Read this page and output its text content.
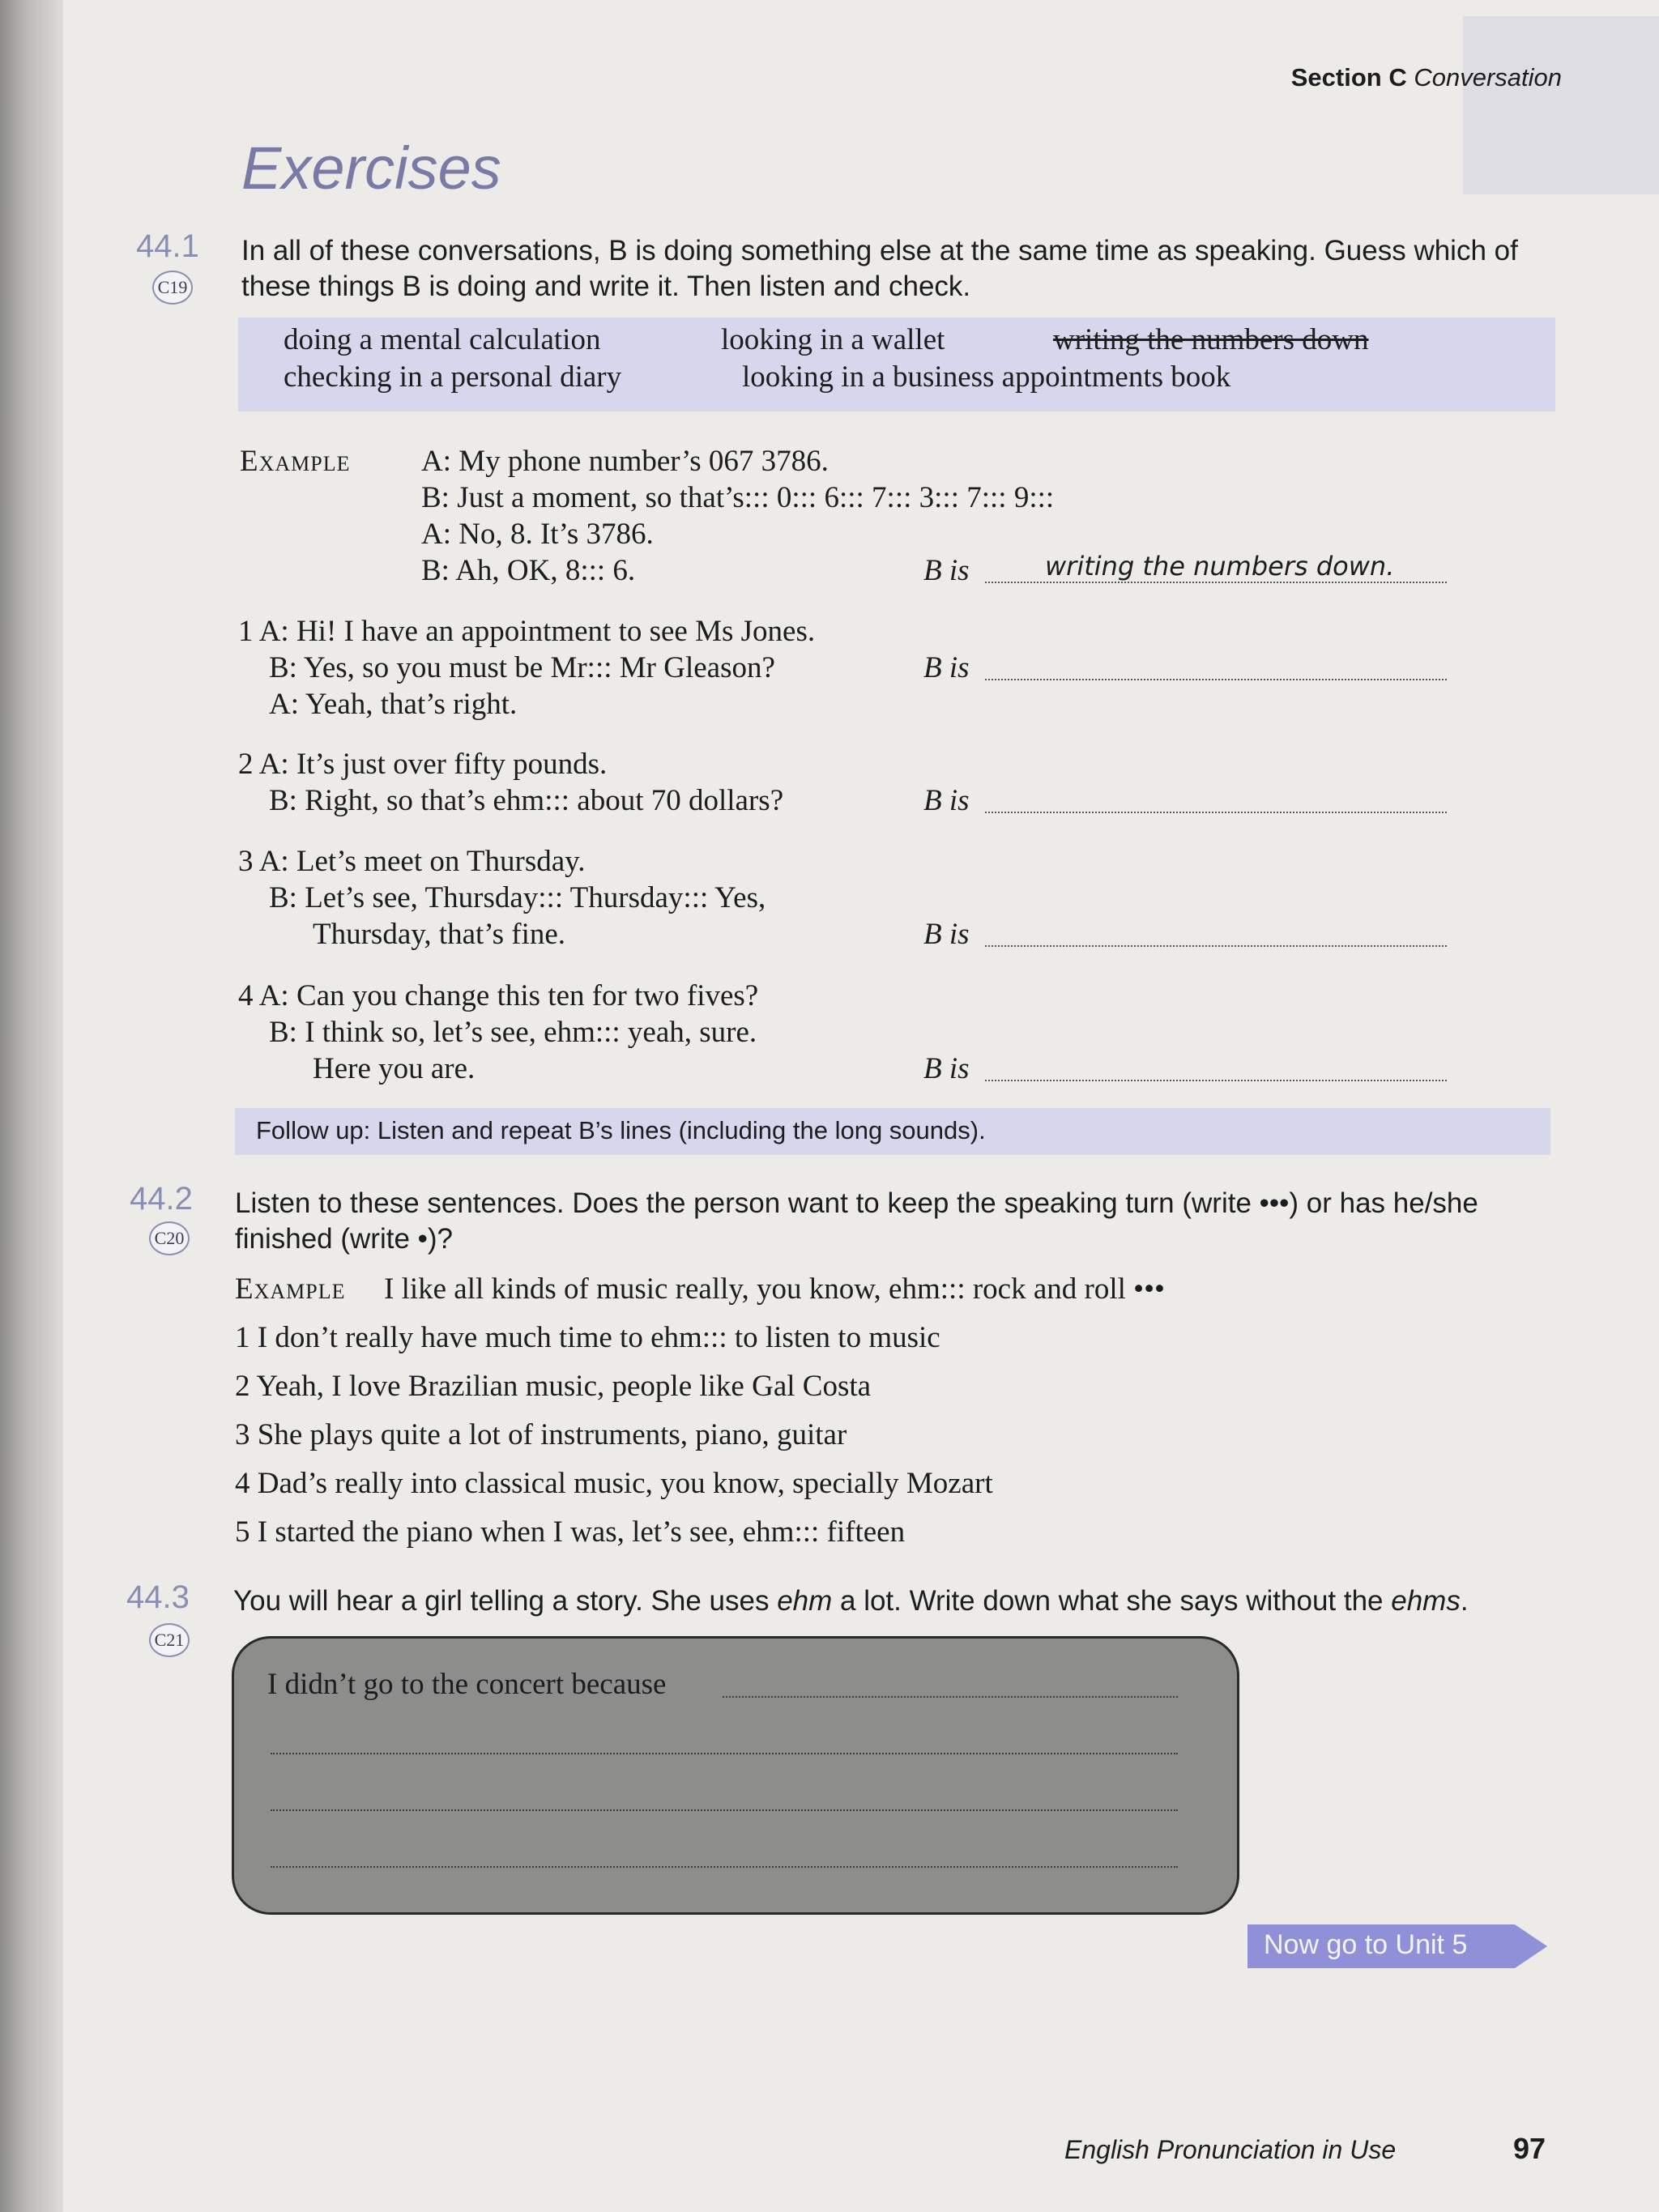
Section C Conversation
Exercises
44.1
C19
In all of these conversations, B is doing something else at the same time as speaking. Guess which of
these things B is doing and write it. Then listen and check.
doing a mental calculation	looking in a wallet	writing the numbers down
checking in a personal diary	looking in a business appointments book
Example A: My phone number’s 067 3786.
B: Just a moment, so that’s::: 0::: 6::: 7::: 3::: 7::: 9:::
A: No, 8. It’s 3786.
B: Ah, OK, 8::: 6.	B is	writing the numbers down.
1 A: Hi! I have an appointment to see Ms Jones.
B: Yes, so you must be Mr::: Mr Gleason?
A: Yeah, that’s right.
B is
2 A: It’s just over fifty pounds.
B: Right, so that’s ehm::: about 70 dollars?	B is
3 A: Let’s meet on Thursday.
B: Let’s see, Thursday::: Thursday::: Yes,
Thursday, that’s fine.	B is
4 A: Can you change this ten for two fives?
B: I think so, let’s see, ehm::: yeah, sure.
Here you are.	B is
Follow up: Listen and repeat B’s lines (including the long sounds).
44.2
C20
Listen to these sentences. Does the person want to keep the speaking turn (write •••) or has he/she
finished (write •)?
Example I like all kinds of music really, you know, ehm::: rock and roll •••
1 I don’t really have much time to ehm::: to listen to music
2 Yeah, I love Brazilian music, people like Gal Costa
3 She plays quite a lot of instruments, piano, guitar
4 Dad’s really into classical music, you know, specially Mozart
5 I started the piano when I was, let’s see, ehm::: fifteen
44.3
C21
You will hear a girl telling a story. She uses ehm a lot. Write down what she says without the ehms.
I didn’t go to the concert because
Now go to Unit 5
English Pronunciation in Use	97
